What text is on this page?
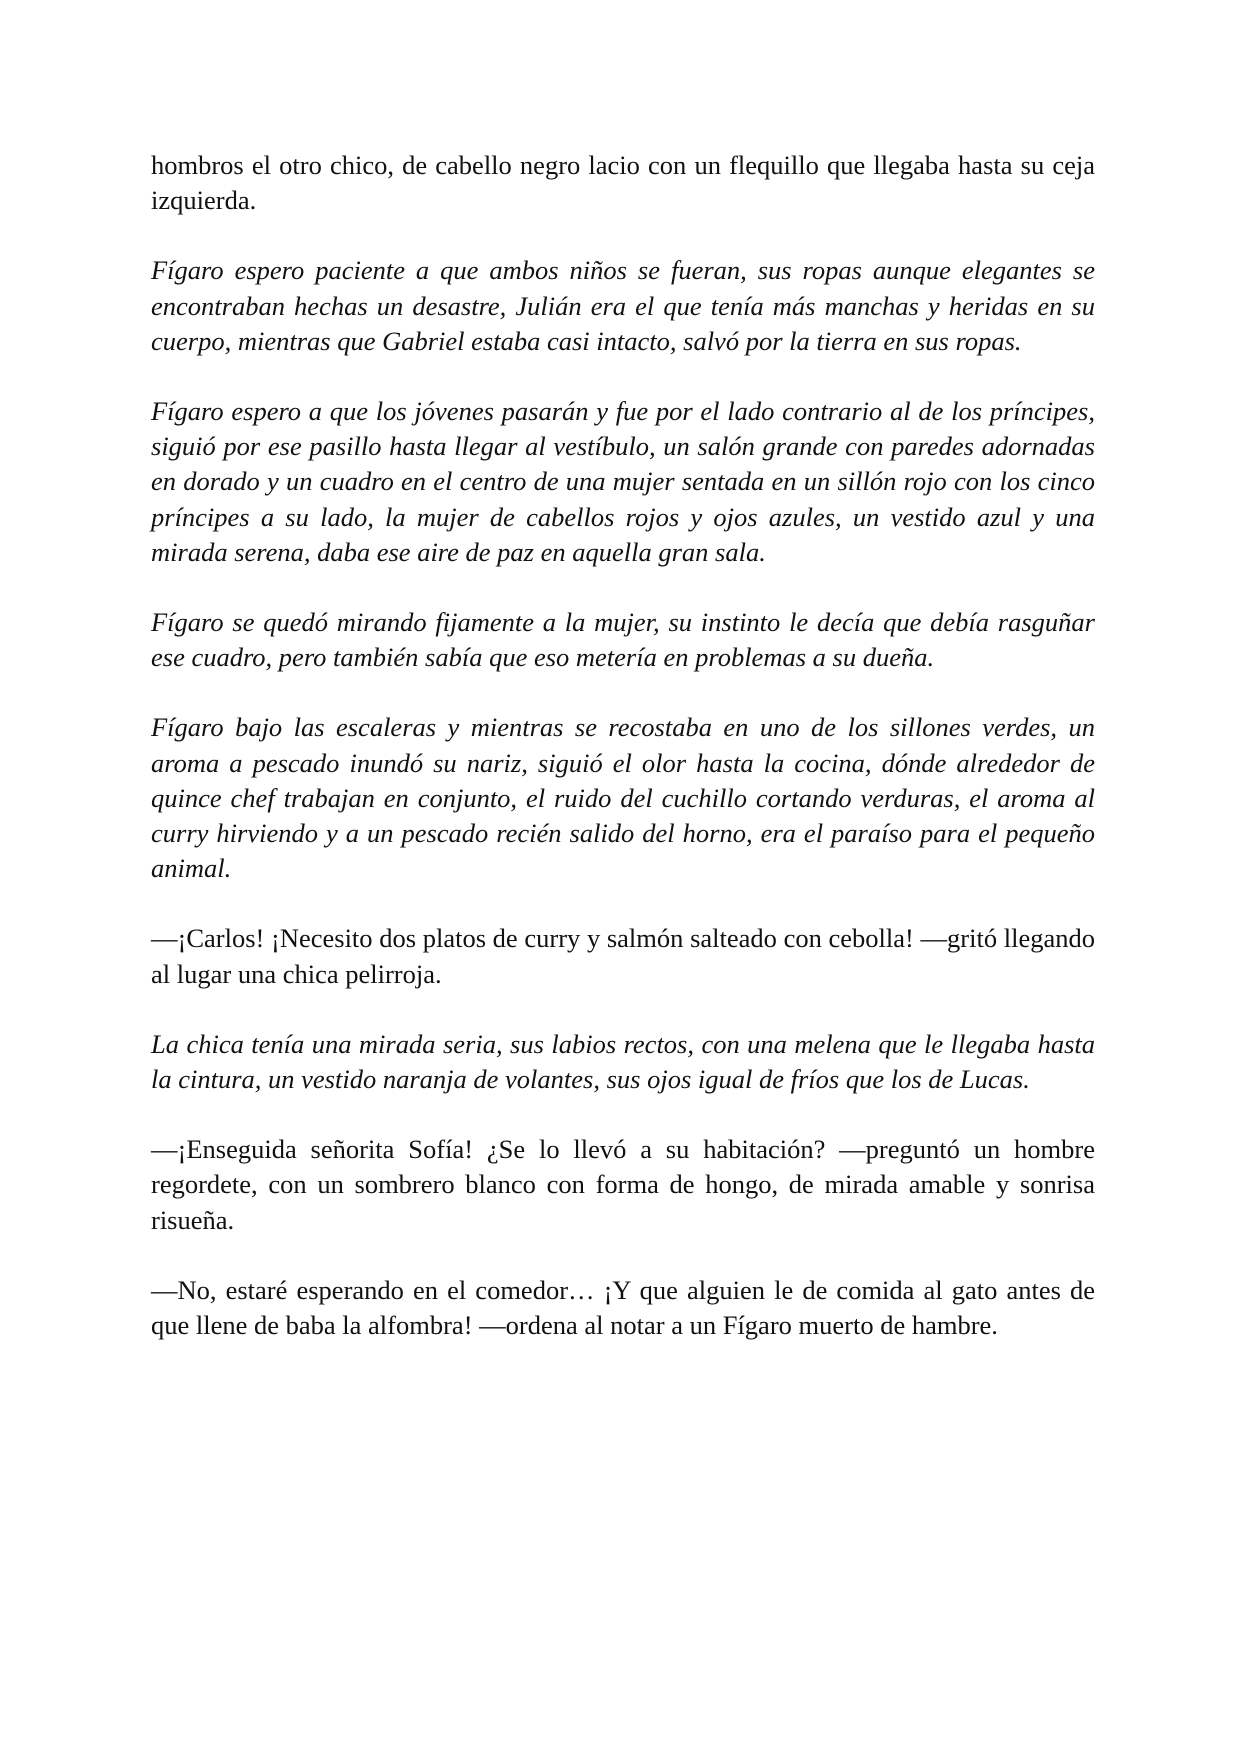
hombros el otro chico, de cabello negro lacio con un flequillo que llegaba hasta su ceja izquierda.

Fígaro espero paciente a que ambos niños se fueran, sus ropas aunque elegantes se encontraban hechas un desastre, Julián era el que tenía más manchas y heridas en su cuerpo, mientras que Gabriel estaba casi intacto, salvó por la tierra en sus ropas.

Fígaro espero a que los jóvenes pasarán y fue por el lado contrario al de los príncipes, siguió por ese pasillo hasta llegar al vestíbulo, un salón grande con paredes adornadas en dorado y un cuadro en el centro de una mujer sentada en un sillón rojo con los cinco príncipes a su lado, la mujer de cabellos rojos y ojos azules, un vestido azul y una mirada serena, daba ese aire de paz en aquella gran sala.

Fígaro se quedó mirando fijamente a la mujer, su instinto le decía que debía rasguñar ese cuadro, pero también sabía que eso metería en problemas a su dueña.

Fígaro bajo las escaleras y mientras se recostaba en uno de los sillones verdes, un aroma a pescado inundó su nariz, siguió el olor hasta la cocina, dónde alrededor de quince chef trabajan en conjunto, el ruido del cuchillo cortando verduras, el aroma al curry hirviendo y a un pescado recién salido del horno, era el paraíso para el pequeño animal.

—¡Carlos! ¡Necesito dos platos de curry y salmón salteado con cebolla! —gritó llegando al lugar una chica pelirroja.

La chica tenía una mirada seria, sus labios rectos, con una melena que le llegaba hasta la cintura, un vestido naranja de volantes, sus ojos igual de fríos que los de Lucas.

—¡Enseguida señorita Sofía! ¿Se lo llevó a su habitación? —preguntó un hombre regordete, con un sombrero blanco con forma de hongo, de mirada amable y sonrisa risueña.

—No, estaré esperando en el comedor… ¡Y que alguien le de comida al gato antes de que llene de baba la alfombra! —ordena al notar a un Fígaro muerto de hambre.
